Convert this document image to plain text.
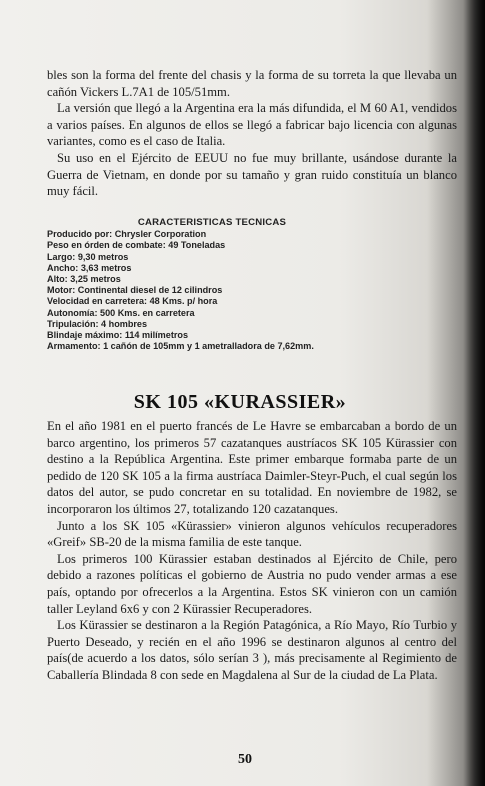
bles son la forma del frente del chasis y la forma de su torreta la que llevaba un cañón Vickers L.7A1 de 105/51mm.

La versión que llegó a la Argentina era la más difundida, el M 60 A1, vendidos a varios países. En algunos de ellos se llegó a fabricar bajo licencia con algunas variantes, como es el caso de Italia.

Su uso en el Ejército de EEUU no fue muy brillante, usándose durante la Guerra de Vietnam, en donde por su tamaño y gran ruido constituía un blanco muy fácil.

CARACTERISTICAS TECNICAS
Producido por: Chrysler Corporation
Peso en órden de combate: 49 Toneladas
Largo: 9,30 metros
Ancho: 3,63 metros
Alto: 3,25 metros
Motor: Continental diesel de 12 cilindros
Velocidad en carretera: 48 Kms. p/ hora
Autonomía: 500 Kms. en carretera
Tripulación: 4 hombres
Blindaje máximo: 114 milímetros
Armamento: 1 cañón de 105mm y 1 ametralladora de 7,62mm.
SK 105 «KURASSIER»

En el año 1981 en el puerto francés de Le Havre se embarcaban a bordo de un barco argentino, los primeros 57 cazatanques austríacos SK 105 Kürassier con destino a la República Argentina. Este primer embarque formaba parte de un pedido de 120 SK 105 a la firma austríaca Daimler-Steyr-Puch, el cual según los datos del autor, se pudo concretar en su totalidad. En noviembre de 1982, se incorporaron los últimos 27, totalizando 120 cazatanques.

Junto a los SK 105 «Kürassier» vinieron algunos vehículos recuperadores «Greif» SB-20 de la misma familia de este tanque.

Los primeros 100 Kürassier estaban destinados al Ejército de Chile, pero debido a razones políticas el gobierno de Austria no pudo vender armas a ese país, optando por ofrecerlos a la Argentina. Estos SK vinieron con un camión taller Leyland 6x6 y con 2 Kürassier Recuperadores.

Los Kürassier se destinaron a la Región Patagónica, a Río Mayo, Río Turbio y Puerto Deseado, y recién en el año 1996 se destinaron algunos al centro del país(de acuerdo a los datos, sólo serían 3 ), más precisamente al Regimiento de Caballería Blindada 8 con sede en Magdalena al Sur de la ciudad de La Plata.

50
